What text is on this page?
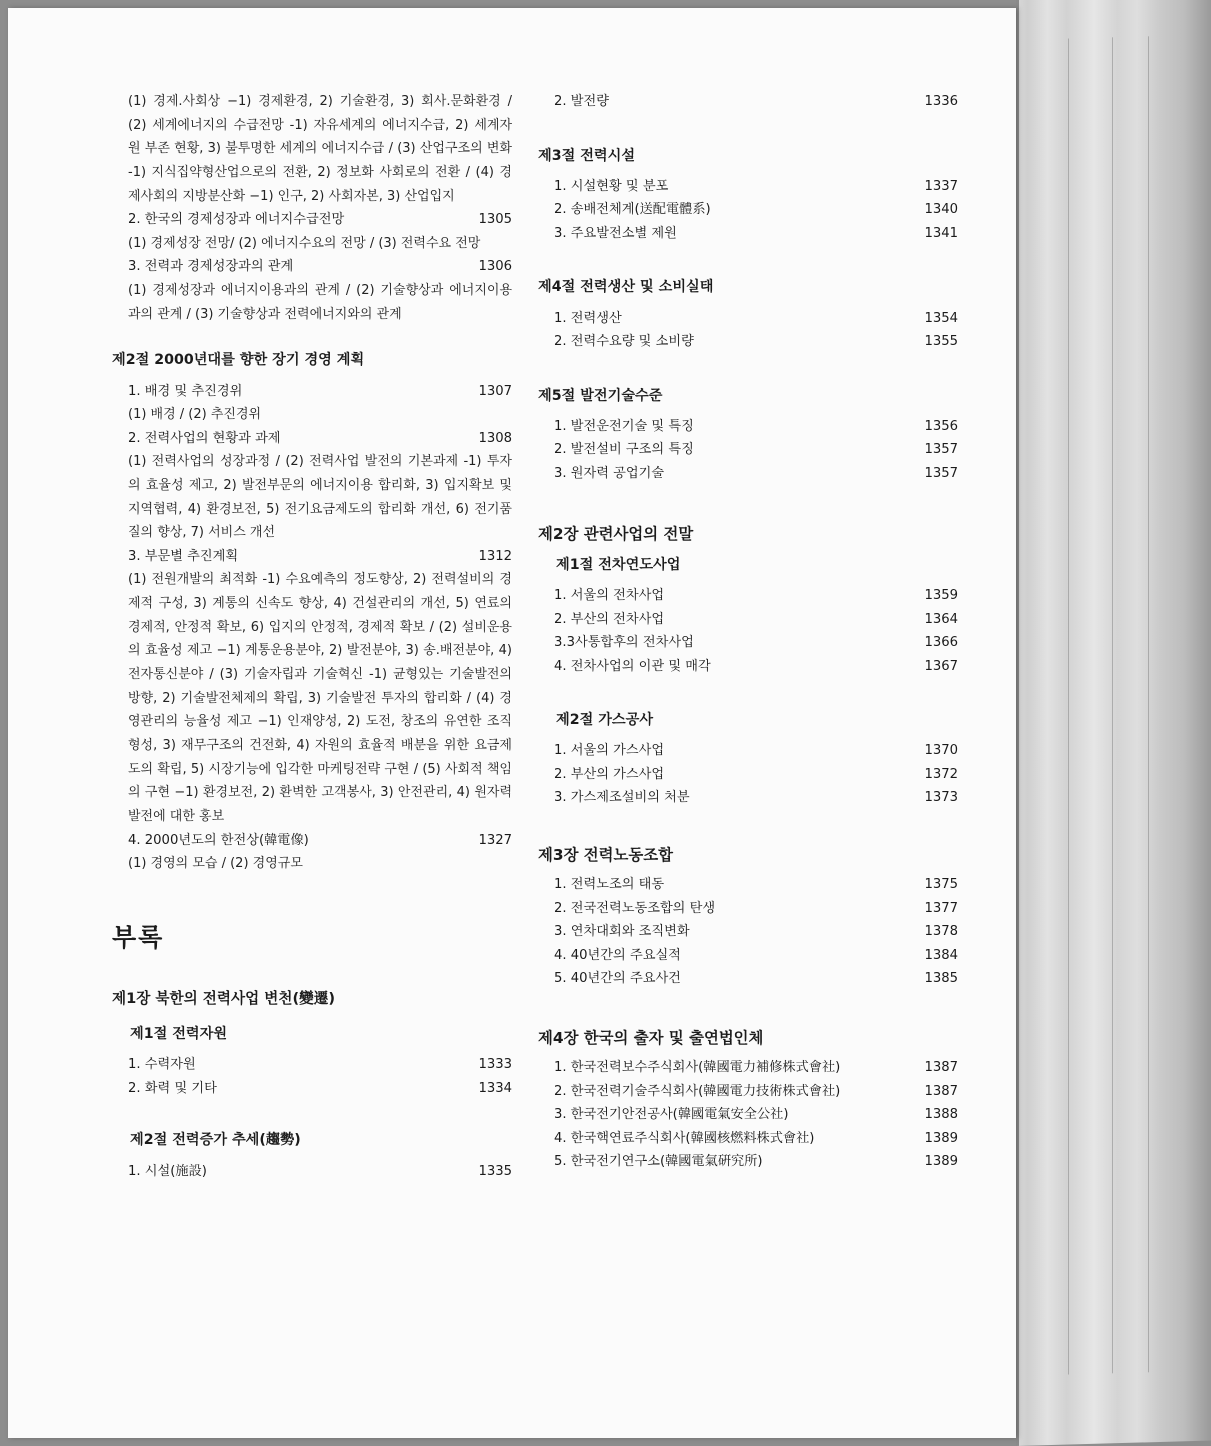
(1) 경제.사회상 −1) 경제환경, 2) 기술환경, 3) 회사.문화환경 / (2) 세계에너지의 수급전망 -1) 자유세계의 에너지수급, 2) 세계자원 부존 현황, 3) 불투명한 세계의 에너지수급 / (3) 산업구조의 변화 -1) 지식집약형산업으로의 전환, 2) 정보화 사회로의 전환 / (4) 경제사회의 지방분산화 −1) 인구, 2) 사회자본, 3) 산업입지
2. 한국의 경제성장과 에너지수급전망	1305
(1) 경제성장 전망/ (2) 에너지수요의 전망 / (3) 전력수요 전망
3. 전력과 경제성장과의 관계	1306
(1) 경제성장과 에너지이용과의 관계 / (2) 기술향상과 에너지이용과의 관계 / (3) 기술향상과 전력에너지와의 관계
제2절 2000년대를 향한 장기 경영 계획
1. 배경 및 추진경위	1307
(1) 배경 / (2) 추진경위
2. 전력사업의 현황과 과제	1308
(1) 전력사업의 성장과정 / (2) 전력사업 발전의 기본과제 -1) 투자의 효율성 제고, 2) 발전부문의 에너지이용 합리화, 3) 입지확보 및 지역협력, 4) 환경보전, 5) 전기요금제도의 합리화 개선, 6) 전기품질의 향상, 7) 서비스 개선
3. 부문별 추진계획	1312
(1) 전원개발의 최적화 -1) 수요예측의 정도향상, 2) 전력설비의 경제적 구성, 3) 계통의 신속도 향상, 4) 건설관리의 개선, 5) 연료의 경제적, 안정적 확보, 6) 입지의 안정적, 경제적 확보 / (2) 설비운용의 효율성 제고 −1) 계통운용분야, 2) 발전분야, 3) 송.배전분야, 4) 전자통신분야 / (3) 기술자립과 기술혁신 -1) 균형있는 기술발전의 방향, 2) 기술발전체제의 확립, 3) 기술발전 투자의 합리화 / (4) 경영관리의 능율성 제고 −1) 인재양성, 2) 도전, 창조의 유연한 조직형성, 3) 재무구조의 건전화, 4) 자원의 효율적 배분을 위한 요금제도의 확립, 5) 시장기능에 입각한 마케팅전략 구현 / (5) 사회적 책임의 구현 −1) 환경보전, 2) 환벽한 고객봉사, 3) 안전관리, 4) 원자력발전에 대한 홍보
4. 2000년도의 한전상(韓電像)	1327
(1) 경영의 모습 / (2) 경영규모
부록
제1장 북한의 전력사업 변천(變遷)
제1절 전력자원
1. 수력자원	1333
2. 화력 및 기타	1334
제2절 전력증가 추세(趨勢)
1. 시설(施設)	1335
2. 발전량	1336
제3절 전력시설
1. 시설현황 및 분포	1337
2. 송배전체계(送配電體系)	1340
3. 주요발전소별 제원	1341
제4절 전력생산 및 소비실태
1. 전력생산	1354
2. 전력수요량 및 소비량	1355
제5절 발전기술수준
1. 발전운전기술 및 특징	1356
2. 발전설비 구조의 특징	1357
3. 원자력 공업기술	1357
제2장 관련사업의 전말
제1절 전차연도사업
1. 서울의 전차사업	1359
2. 부산의 전차사업	1364
3.3사통합후의 전차사업	1366
4. 전차사업의 이관 및 매각	1367
제2절 가스공사
1. 서울의 가스사업	1370
2. 부산의 가스사업	1372
3. 가스제조설비의 처분	1373
제3장 전력노동조합
1. 전력노조의 태동	1375
2. 전국전력노동조합의 탄생	1377
3. 연차대회와 조직변화	1378
4. 40년간의 주요실적	1384
5. 40년간의 주요사건	1385
제4장 한국의 출자 및 출연법인체
1. 한국전력보수주식회사(韓國電力補修株式會社)	1387
2. 한국전력기술주식회사(韓國電力技術株式會社)	1387
3. 한국전기안전공사(韓國電氣安全公社)	1388
4. 한국핵연료주식회사(韓國核燃料株式會社)	1389
5. 한국전기연구소(韓國電氣硏究所)	1389
